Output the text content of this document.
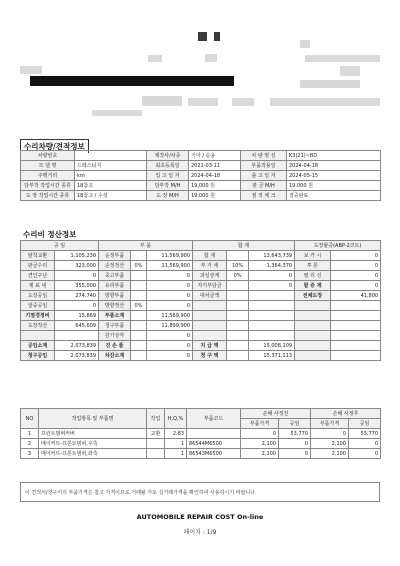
수리차량/견적정보
차량번호		제작사/차종	기아 / 승용	차 량 명 심	K3(21)~BD
모 델 명	드레스티지	최초등록일	2022-03-11	부품작용일	2024-04-18
주행거리	km	입 고 일 자	2024-04-18	출 고 일 자	2024-05-15
담부작 작업시간 종류	18참고	담부작 M/H	19,000 원	판 금 M/H	19,000 원
도 장 작업시간 종류	18참고 / 수성	도 장 M/H	19,000 원	점 적 체 크	검증완료
수리비 정산정보
공 임		부 품			합 계			도장할증(ABP-2코트)	
탈착교환	1,105,230	순정부품		11,569,900	합 계		13,643,739	보 카 시	0
판금수리	323,000	순정정산	0%	11,569,900	부 가 세	10%	1,364,370	투 톤	0
견인구난	0	중고부품		0	과실상계	0%	0	펄 리 싱	0
제 료 대	355,000	유리부품		0	자기부담금		0	할 증 계	0
도장공임	274,740	방향부품		0	대차금액			전체도장	41,800
알중공임	0	방향정산	0%	0					
기열경정비	15,869	부품소계		11,569,900					
도장작산	645,609	청구부품		11,899,900					
		감가상각		0					
공임소계	2,073,839	진 손 품		0	지 급 액		15,008,109		
청구공임	2,073,839	차감소계		0	청 구 액		15,371,113		
NO	작업항목 및 부품명	작업	H,Q,%	부품코드	손해 사정전		손해 사정후	
					부품가격	공임	부품가격	공임
1	프런트범퍼커버	교환	2.83		0	53,770	0	53,770
2	메이커트-프론트범퍼,우측		1	86544M6500	2,100	0	2,100	0
3	메이커트-프론트범퍼,좌측		1	86543M6500	2,100	0	2,100	0
이 견적서/청구서의 부품가격은 참고 가격이므로 거래될 가로 실거래가격을 확인하여 사용하시기 바랍니다.
AUTOMOBILE REPAIR COST On-line
페이지 : 1/9
